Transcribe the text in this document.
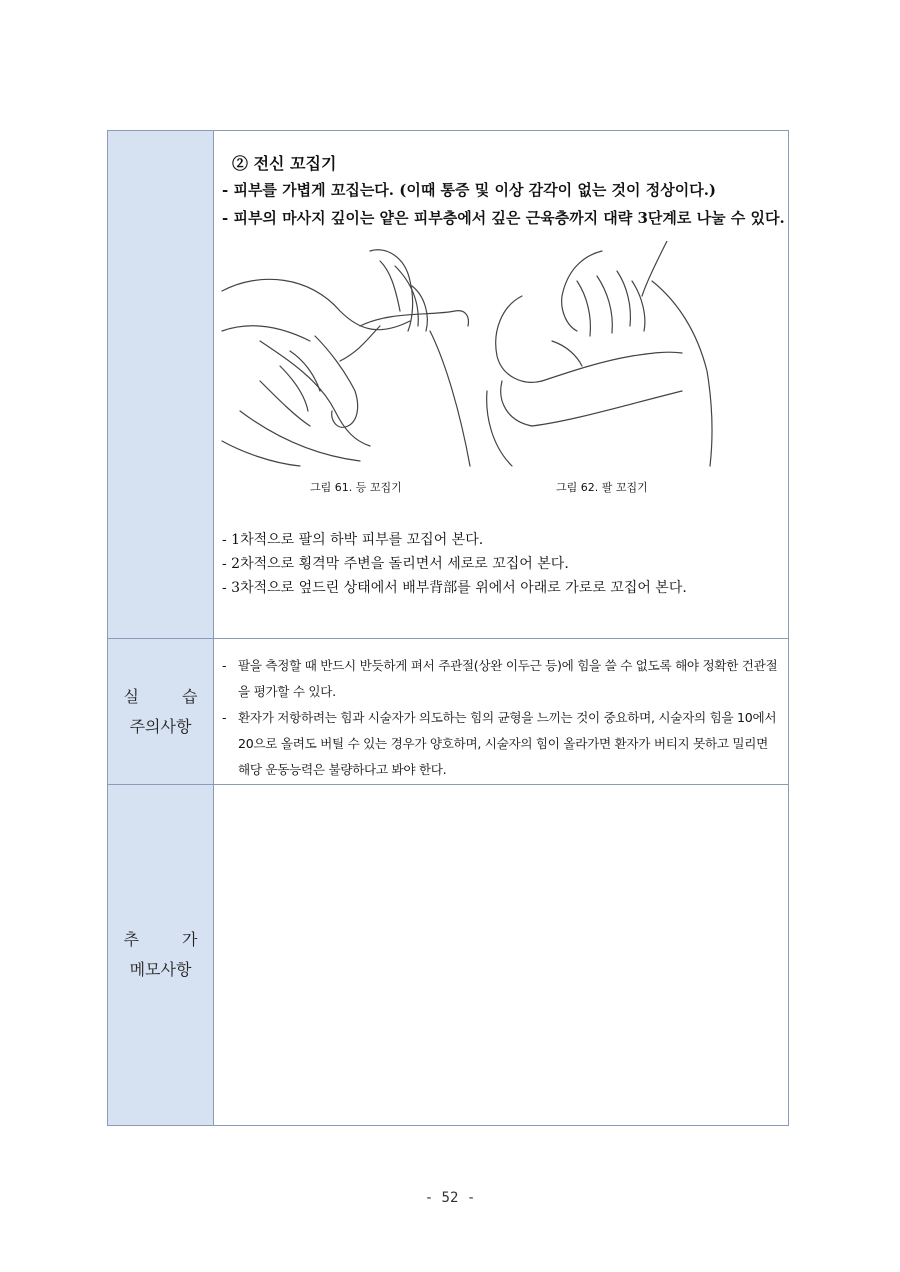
② 전신 꼬집기
- 피부를 가볍게 꼬집는다. (이때 통증 및 이상 감각이 없는 것이 정상이다.)
- 피부의 마사지 깊이는 얕은 피부층에서 깊은 근육층까지 대략 3단계로 나눌 수 있다.
그림 61. 등 꼬집기	그림 62. 팔 꼬집기
- 1차적으로 팔의 하박 피부를 꼬집어 본다.
- 2차적으로 횡격막 주변을 돌리면서 세로로 꼬집어 본다.
- 3차적으로 엎드린 상태에서 배부背部를 위에서 아래로 가로로 꼬집어 본다.
실	습
주의사항
- 팔을 측정할 때 반드시 반듯하게 펴서 주관절(상완 이두근 등)에 힘을 쓸 수 없도록 해야 정확한 건관절을 평가할 수 있다.
- 환자가 저항하려는 힘과 시술자가 의도하는 힘의 균형을 느끼는 것이 중요하며, 시술자의 힘을 10에서 20으로 올려도 버틸 수 있는 경우가 양호하며, 시술자의 힘이 올라가면 환자가 버티지 못하고 밀리면 해당 운동능력은 불량하다고 봐야 한다.
추	가
메모사항
- 52 -
